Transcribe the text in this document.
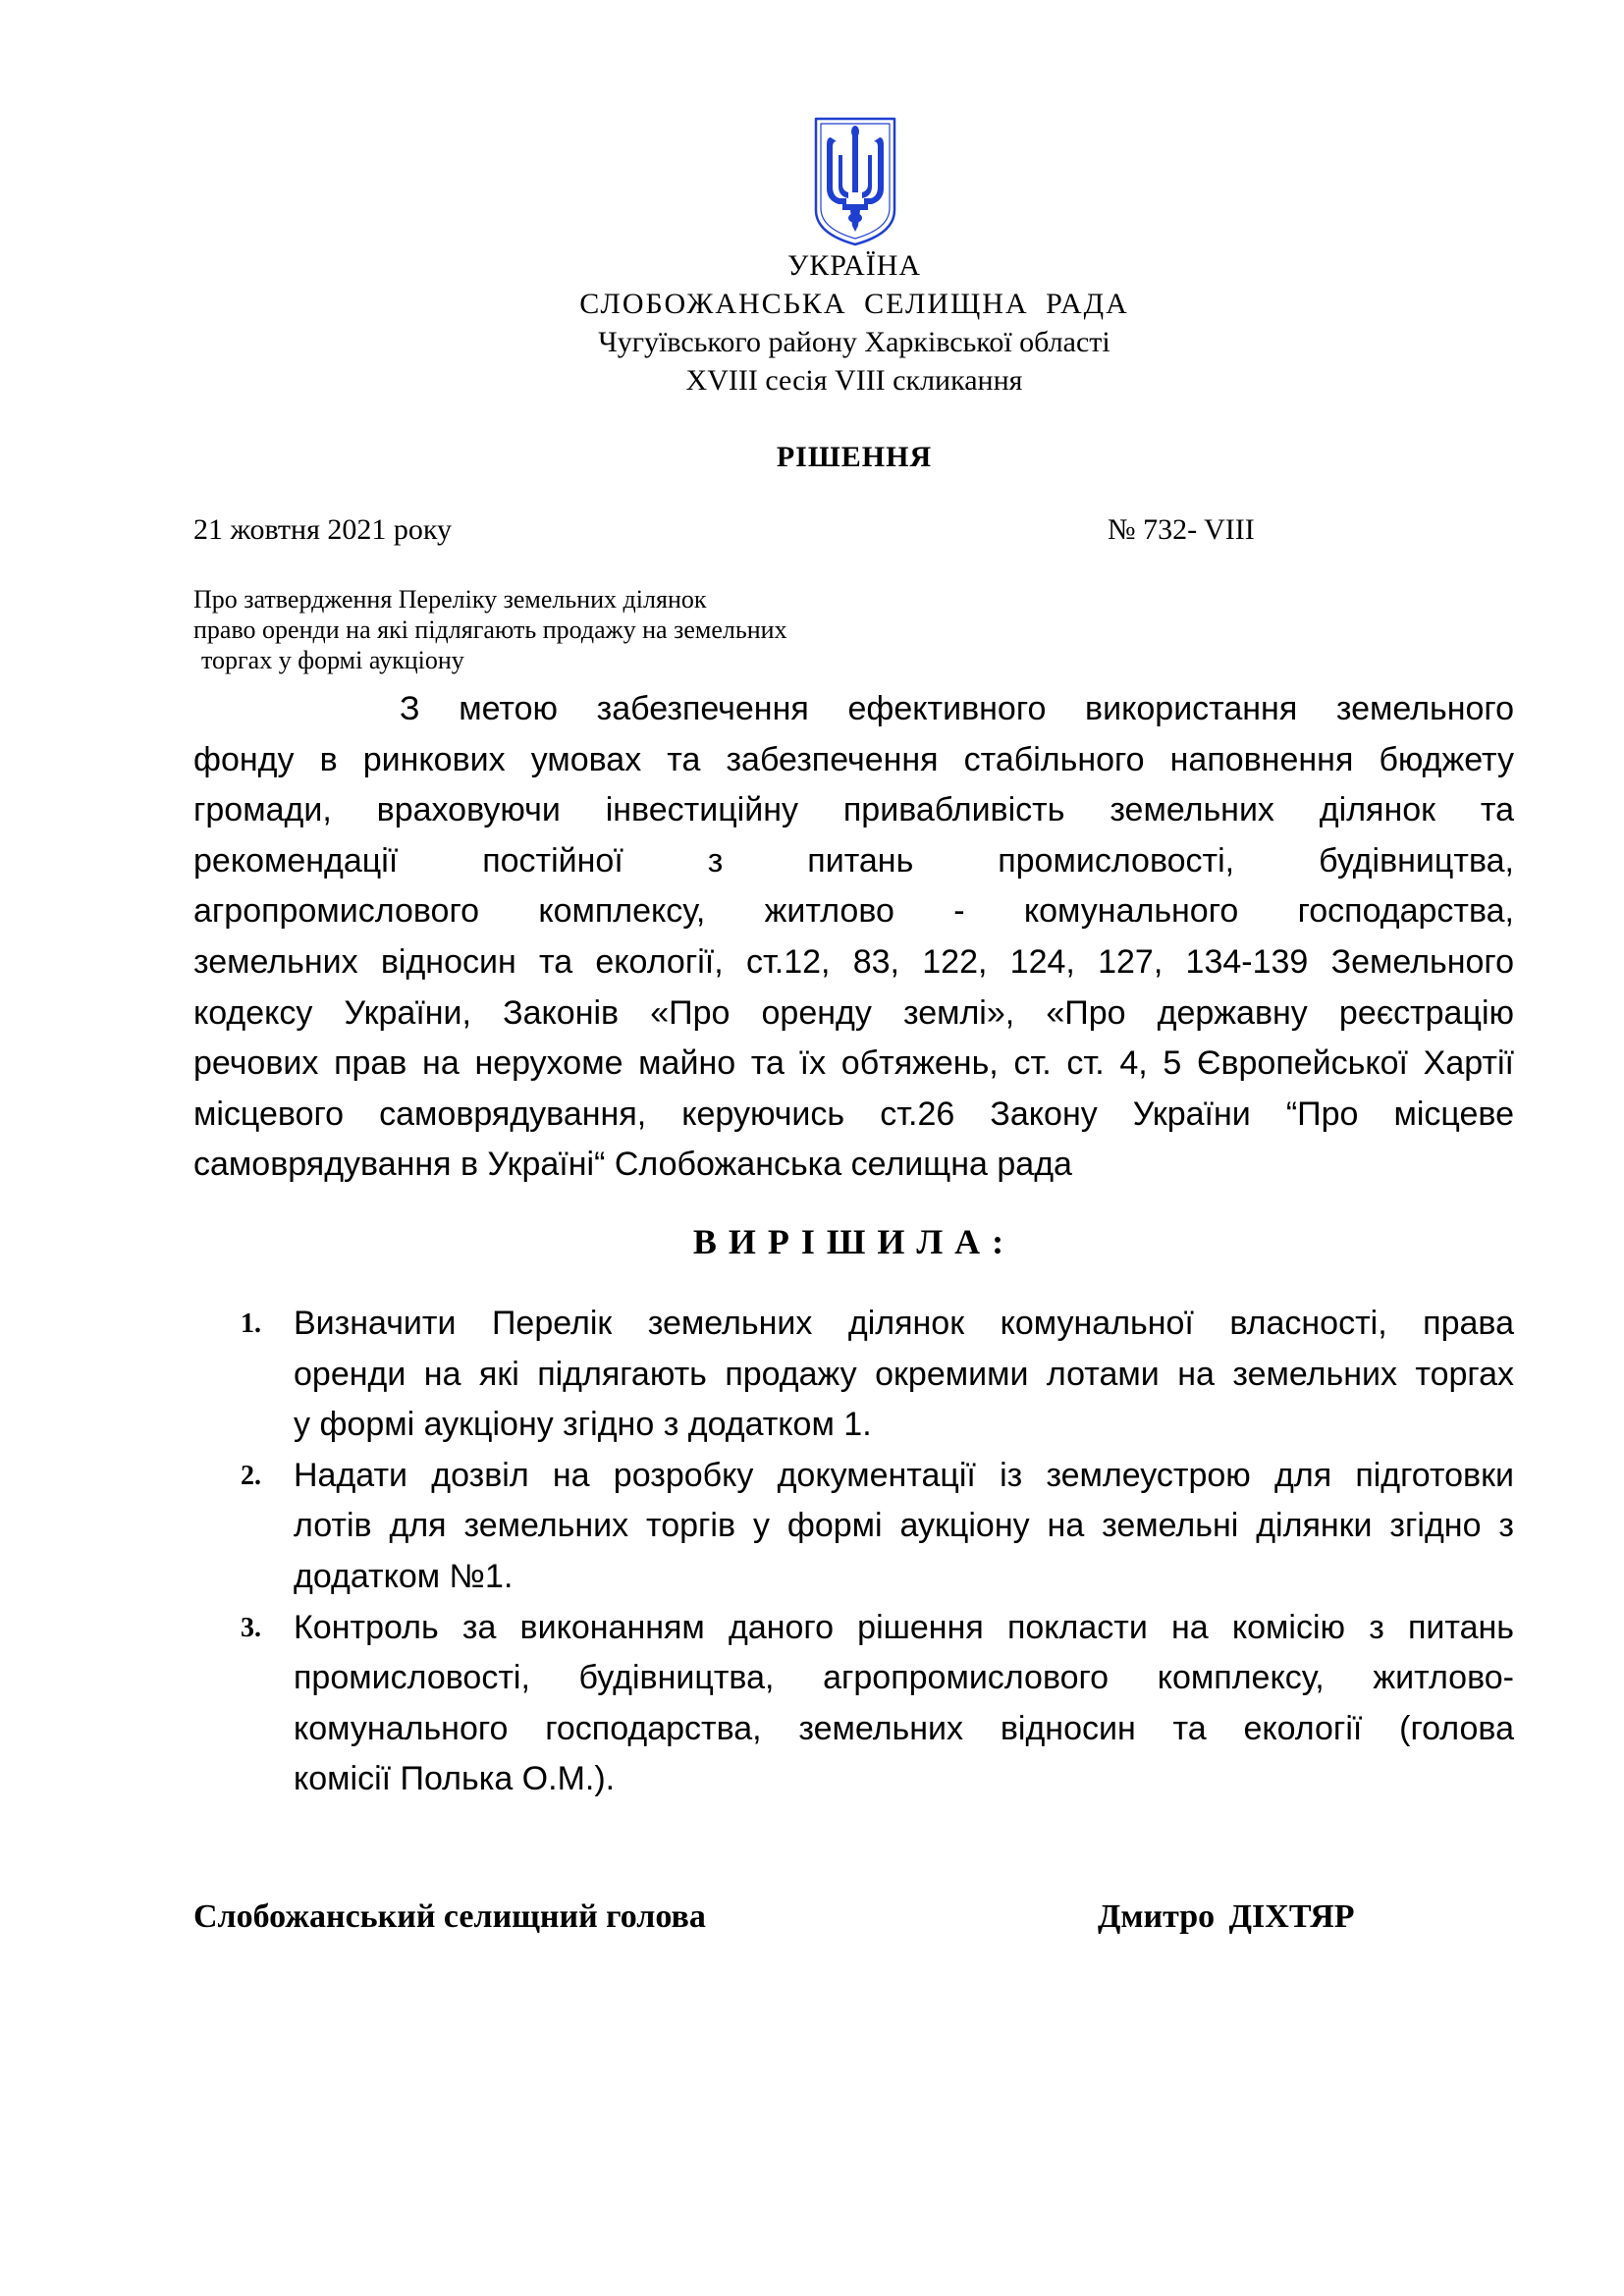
УКРАЇНА
СЛОБОЖАНСЬКА СЕЛИЩНА РАДА
Чугуївського району Харківської області
XVIII сесія VIII скликання
РІШЕННЯ
21 жовтня 2021 року	№ 732- VIII
Про затвердження Переліку земельних ділянок
право оренди на які підлягають продажу на земельних
торгах у формі аукціону
З метою забезпечення ефективного використання земельного
фонду в ринкових умовах та забезпечення стабільного наповнення бюджету
громади, враховуючи інвестиційну привабливість земельних ділянок та
рекомендації постійної з питань промисловості, будівництва,
агропромислового комплексу, житлово - комунального господарства,
земельних відносин та екології, ст.12, 83, 122, 124, 127, 134-139 Земельного
кодексу України, Законів «Про оренду землі», «Про державну реєстрацію
речових прав на нерухоме майно та їх обтяжень, ст. ст. 4, 5 Європейської Хартії
місцевого самоврядування, керуючись ст.26 Закону України “Про місцеве
самоврядування в Україні“ Слобожанська селищна рада
ВИРІШИЛА:
1. Визначити Перелік земельних ділянок комунальної власності, права
оренди на які підлягають продажу окремими лотами на земельних торгах
у формі аукціону згідно з додатком 1.
2. Надати дозвіл на розробку документації із землеустрою для підготовки
лотів для земельних торгів у формі аукціону на земельні ділянки згідно з
додатком №1.
3. Контроль за виконанням даного рішення покласти на комісію з питань
промисловості, будівництва, агропромислового комплексу, житлово-
комунального господарства, земельних відносин та екології (голова
комісії Полька О.М.).
Слобожанський селищний голова	Дмитро ДІХТЯР
